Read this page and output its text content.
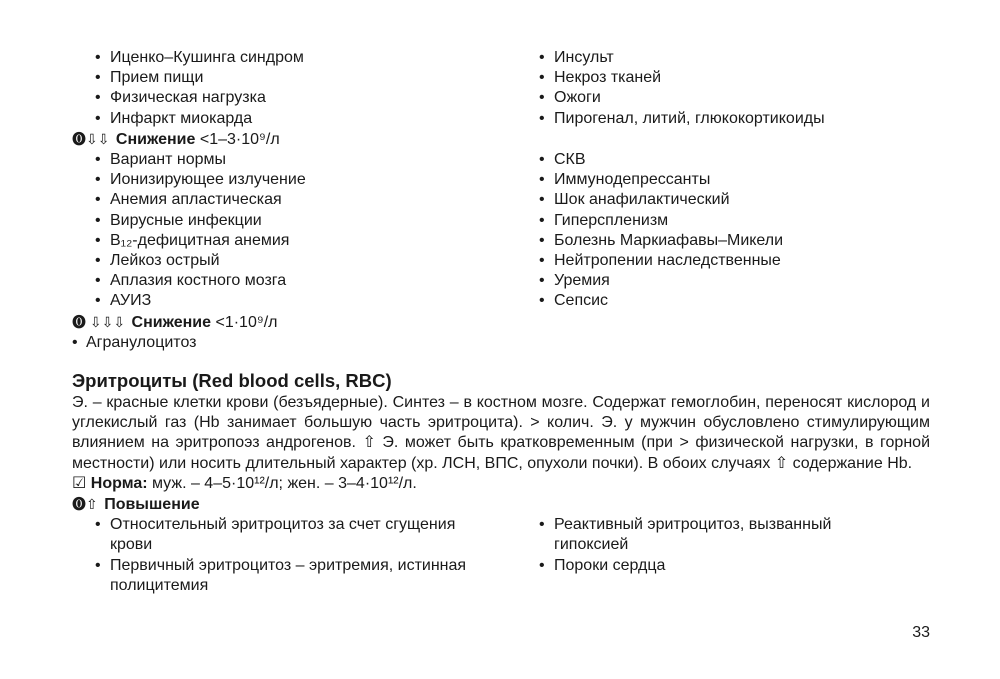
• Иценко–Кушинга синдром
• Прием пищи
• Физическая нагрузка
• Инфаркт миокарда
• Инсульт
• Некроз тканей
• Ожоги
• Пирогенал, литий, глюкокортикоиды
⓿⇩⇩ Снижение <1–3·10⁹/л
• Вариант нормы
• Ионизирующее излучение
• Анемия апластическая
• Вирусные инфекции
• B₁₂-дефицитная анемия
• Лейкоз острый
• Аплазия костного мозга
• АУИЗ
• СКВ
• Иммунодепрессанты
• Шок анафилактический
• Гиперспленизм
• Болезнь Маркиафавы–Микели
• Нейтропении наследственные
• Уремия
• Сепсис
⓿ ⇩⇩⇩ Снижение <1·10⁹/л
• Агранулоцитоз
Эритроциты (Red blood cells, RBC)
Э. – красные клетки крови (безъядерные). Синтез – в костном мозге. Содержат гемоглобин, переносят кислород и углекислый газ (Hb занимает большую часть эритроцита). > колич. Э. у мужчин обусловлено стимулирующим влиянием на эритропоэз андрогенов. ⇧ Э. может быть кратковременным (при > физической нагрузки, в горной местности) или носить длительный характер (хр. ЛСН, ВПС, опухоли почки). В обоих случаях ⇧ содержание Hb.
☑ Норма: муж. – 4–5·10¹²/л; жен. – 3–4·10¹²/л.
⓿⇧ Повышение
• Относительный эритроцитоз за счет сгущения крови
• Первичный эритроцитоз – эритремия, истинная полицитемия
• Реактивный эритроцитоз, вызванный гипоксией
• Пороки сердца
33
